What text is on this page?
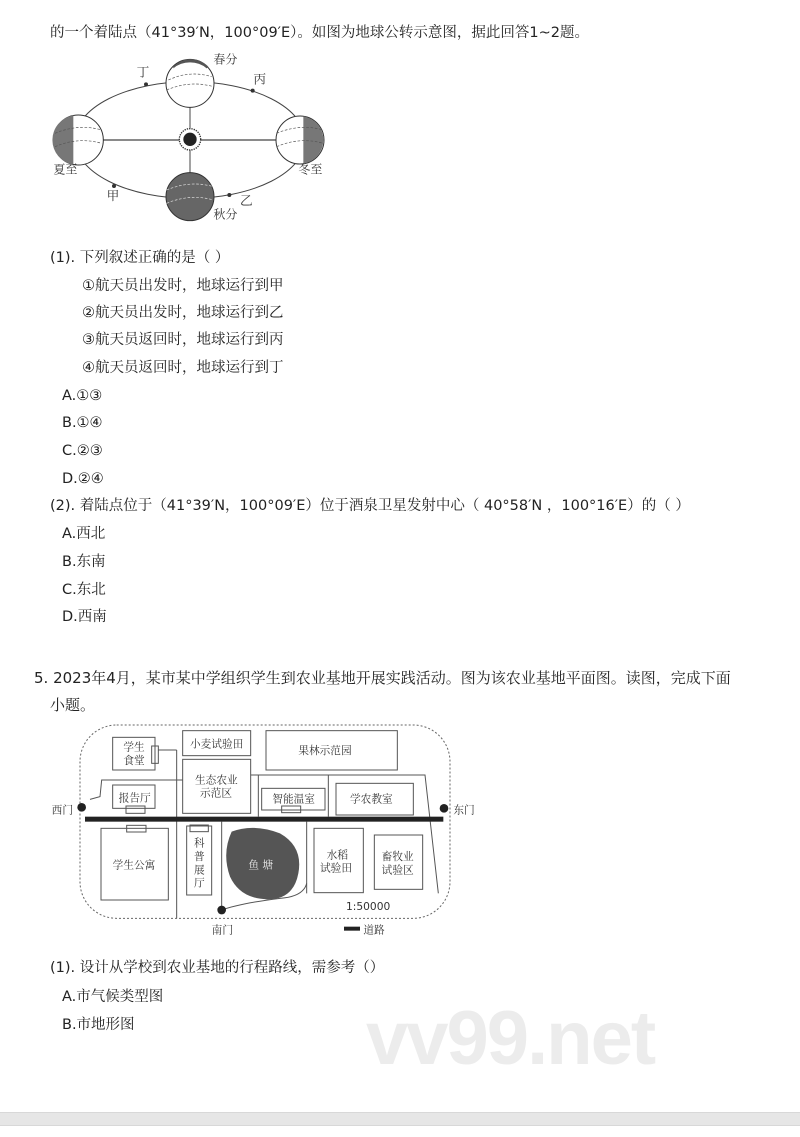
的一个着陆点（41°39′N，100°09′E）。如图为地球公转示意图，据此回答1~2题。
春分
夏至
秋分
冬至
丁	丙
甲	乙
(1). 下列叙述正确的是（ ）
①航天员出发时，地球运行到甲
②航天员出发时，地球运行到乙
③航天员返回时，地球运行到丙
④航天员返回时，地球运行到丁
A.①③
B.①④
C.②③
D.②④
(2). 着陆点位于（41°39′N，100°09′E）位于酒泉卫星发射中心（ 40°58′N ，100°16′E）的（ ）
A.西北
B.东南
C.东北
D.西南
5. 2023年4月，某市某中学组织学生到农业基地开展实践活动。图为该农业基地平面图。读图，完成下面
小题。
学生
食堂
小麦试验田
果林示范园
生态农业
示范区
报告厅	智能温室 学农教室
西门	东门
学生公寓
科
普
展
厅
鱼 塘
水稻
试验田
畜牧业
试验区
南门
1:50000
道路
(1). 设计从学校到农业基地的行程路线，需参考（）
A.市气候类型图
B.市地形图	vv99.net
